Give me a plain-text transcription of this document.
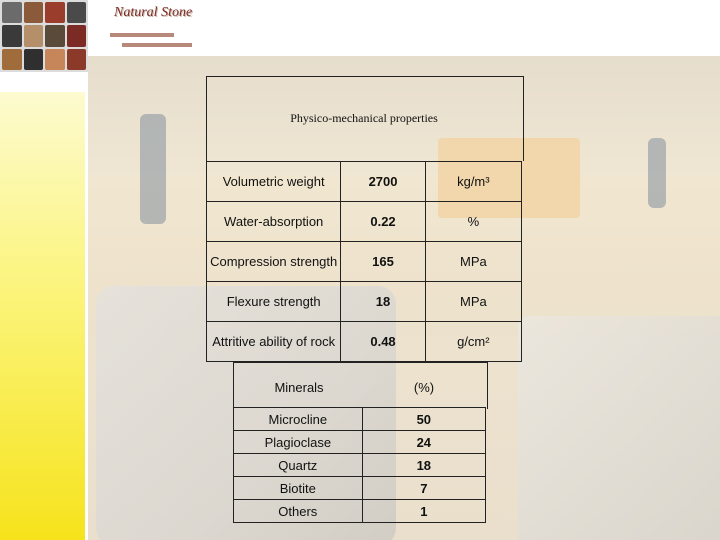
Natural Stone
Physico-mechanical properties
Volumetric weight	2700	kg/m³
Water-absorption	0.22	%
Compression strength	165	MPa
Flexure strength	18	MPa
Attritive ability of rock	0.48	g/cm²
Minerals	(%)
Microcline	50
Plagioclase	24
Quartz	18
Biotite	7
Others	1
